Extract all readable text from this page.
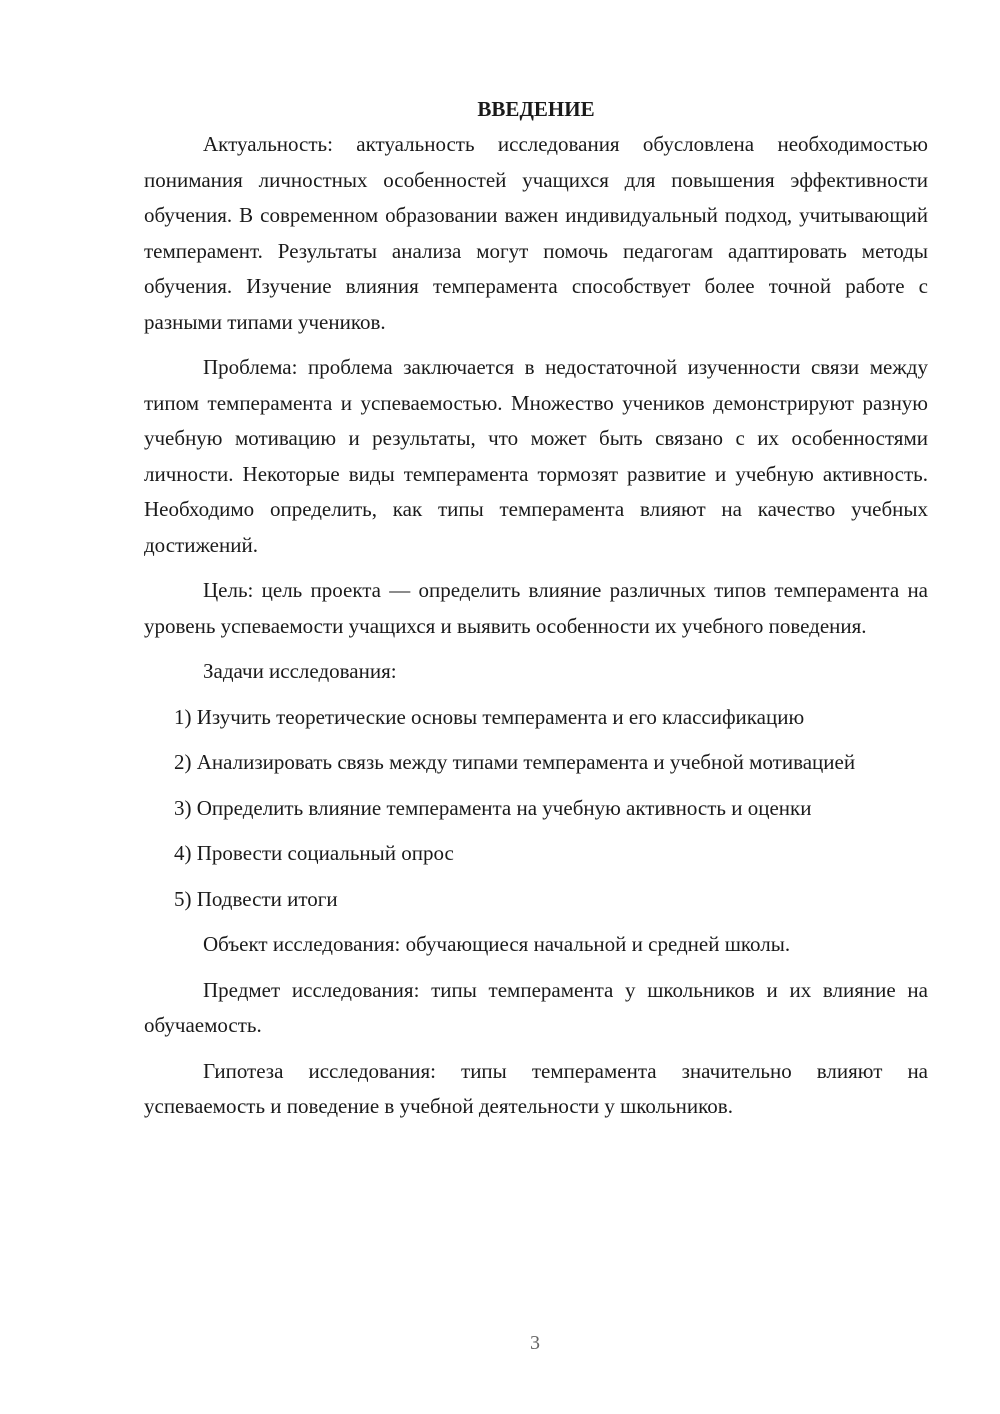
ВВЕДЕНИЕ

Актуальность: актуальность исследования обусловлена необходимостью понимания личностных особенностей учащихся для повышения эффективности обучения. В современном образовании важен индивидуальный подход, учитывающий темперамент. Результаты анализа могут помочь педагогам адаптировать методы обучения. Изучение влияния темперамента способствует более точной работе с разными типами учеников.

Проблема: проблема заключается в недостаточной изученности связи между типом темперамента и успеваемостью. Множество учеников демонстрируют разную учебную мотивацию и результаты, что может быть связано с их особенностями личности. Некоторые виды темперамента тормозят развитие и учебную активность. Необходимо определить, как типы темперамента влияют на качество учебных достижений.

Цель: цель проекта — определить влияние различных типов темперамента на уровень успеваемости учащихся и выявить особенности их учебного поведения.

Задачи исследования:

1) Изучить теоретические основы темперамента и его классификацию

2) Анализировать связь между типами темперамента и учебной мотивацией

3) Определить влияние темперамента на учебную активность и оценки

4) Провести социальный опрос

5) Подвести итоги

Объект исследования: обучающиеся начальной и средней школы.

Предмет исследования: типы темперамента у школьников и их влияние на обучаемость.

Гипотеза исследования: типы темперамента значительно влияют на успеваемость и поведение в учебной деятельности у школьников.

3
